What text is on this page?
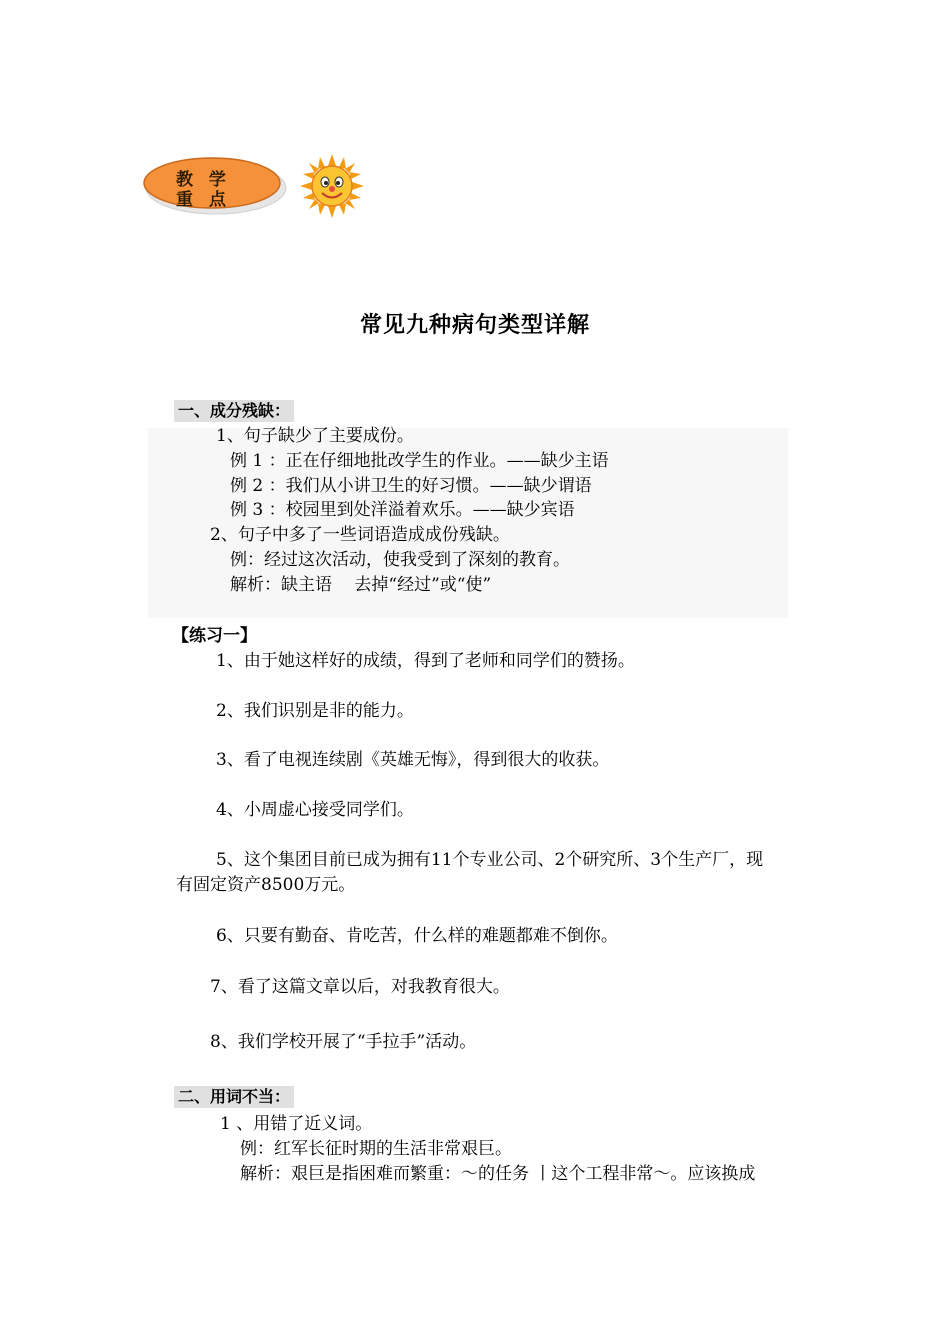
教 学 重 点
常见九种病句类型详解
一、成分残缺：
1、句子缺少了主要成份。
例 1 ：正在仔细地批改学生的作业。——缺少主语
例 2 ：我们从小讲卫生的好习惯。——缺少谓语
例 3 ：校园里到处洋溢着欢乐。——缺少宾语
2、句子中多了一些词语造成成份残缺。
例：经过这次活动，使我受到了深刻的教育。
解析：缺主语　 去掉“经过”或“使”
【练习一】
1、由于她这样好的成绩，得到了老师和同学们的赞扬。
2、我们识别是非的能力。
3、看了电视连续剧《英雄无悔》，得到很大的收获。
4、小周虚心接受同学们。
5、这个集团目前已成为拥有11个专业公司、2个研究所、3个生产厂，现
有固定资产8500万元。
6、只要有勤奋、肯吃苦，什么样的难题都难不倒你。
7、看了这篇文章以后，对我教育很大。
8、我们学校开展了“手拉手”活动。
二、用词不当：
1 、用错了近义词。
例：红军长征时期的生活非常艰巨。
解析：艰巨是指困难而繁重：～的任务 丨这个工程非常～。应该换成
